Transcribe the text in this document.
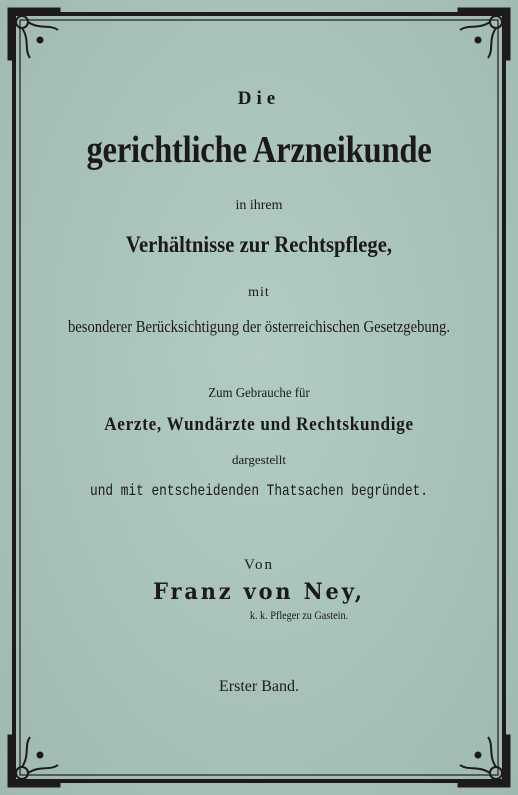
Die
gerichtliche Arzneikunde
in ihrem
Verhältnisse zur Rechtspflege,
mit
besonderer Berücksichtigung der österreichischen Gesetzgebung.
Zum Gebrauche für
Aerzte, Wundärzte und Rechtskundige
dargestellt
und mit entscheidenden Thatsachen begründet.
Von
Franz von Ney,
k. k. Pfleger zu Gastein.
Erster Band.
